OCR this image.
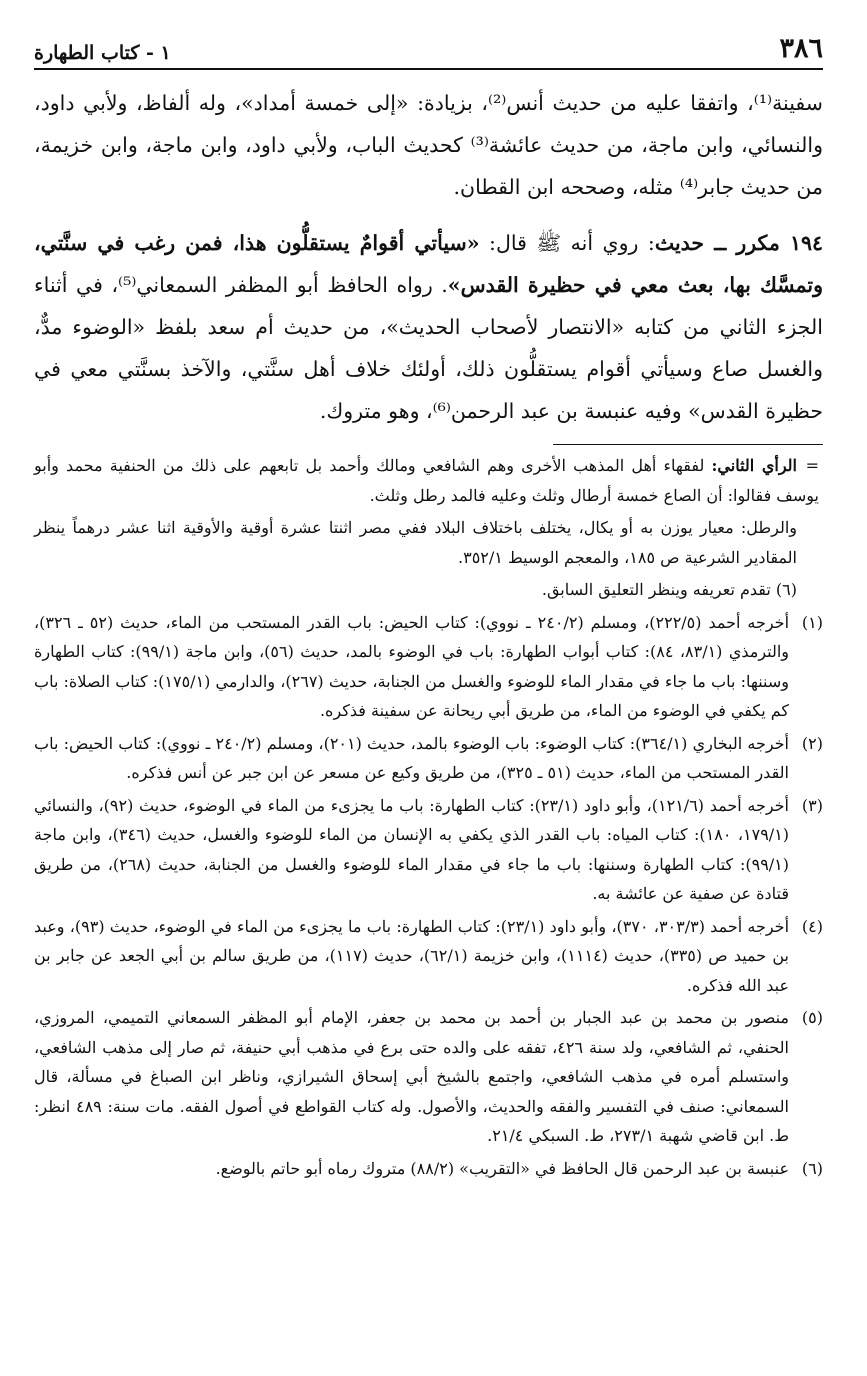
٣٨٦
١ - كتاب الطهارة

سفينة⁽¹⁾، واتفقا عليه من حديث أنس⁽²⁾، بزيادة: «إلى خمسة أمداد»، وله ألفاظ، ولأبي داود، والنسائي، وابن ماجة، من حديث عائشة⁽³⁾ كحديث الباب، ولأبي داود، وابن ماجة، وابن خزيمة، من حديث جابر⁽⁴⁾ مثله، وصححه ابن القطان.

١٩٤ مكرر ــ حديث: روي أنه ﷺ قال: «سيأتي أقوامٌ يستقلُّون هذا، فمن رغب في سنَّتي، وتمسَّك بها، بعث معي في حظيرة القدس». رواه الحافظ أبو المظفر السمعاني⁽⁵⁾، في أثناء الجزء الثاني من كتابه «الانتصار لأصحاب الحديث»، من حديث أم سعد بلفظ «الوضوء مدٌّ، والغسل صاع وسيأتي أقوام يستقلُّون ذلك، أولئك خلاف أهل سنَّتي، والآخذ بسنَّتي معي في حظيرة القدس» وفيه عنبسة بن عبد الرحمن⁽⁶⁾، وهو متروك.

=الرأي الثاني: لفقهاء أهل المذهب الأخرى وهم الشافعي ومالك وأحمد بل تابعهم على ذلك من الحنفية محمد وأبو يوسف فقالوا: أن الصاع خمسة أرطال وثلث وعليه فالمد رطل وثلث.

والرطل: معيار يوزن به أو يكال، يختلف باختلاف البلاد ففي مصر اثنتا عشرة أوقية والأوقية اثنا عشر درهماً ينظر المقادير الشرعية ص ١٨٥، والمعجم الوسيط ٣٥٢/١.

(٦) تقدم تعريفه وينظر التعليق السابق.

(١)
أخرجه أحمد (٢٢٢/٥)، ومسلم (٢٤٠/٢ ـ نووي): كتاب الحيض: باب القدر المستحب من الماء، حديث (٥٢ ـ ٣٢٦)، والترمذي (٨٣/١، ٨٤): كتاب أبواب الطهارة: باب في الوضوء بالمد، حديث (٥٦)، وابن ماجة (٩٩/١): كتاب الطهارة وسننها: باب ما جاء في مقدار الماء للوضوء والغسل من الجنابة، حديث (٢٦٧)، والدارمي (١٧٥/١): كتاب الصلاة: باب كم يكفي في الوضوء من الماء، من طريق أبي ريحانة عن سفينة فذكره.

(٢)
أخرجه البخاري (٣٦٤/١): كتاب الوضوء: باب الوضوء بالمد، حديث (٢٠١)، ومسلم (٢٤٠/٢ ـ نووي): كتاب الحيض: باب القدر المستحب من الماء، حديث (٥١ ـ ٣٢٥)، من طريق وكيع عن مسعر عن ابن جبر عن أنس فذكره.

(٣)
أخرجه أحمد (١٢١/٦)، وأبو داود (٢٣/١): كتاب الطهارة: باب ما يجزىء من الماء في الوضوء، حديث (٩٢)، والنسائي (١٧٩/١، ١٨٠): كتاب المياه: باب القدر الذي يكفي به الإنسان من الماء للوضوء والغسل، حديث (٣٤٦)، وابن ماجة (٩٩/١): كتاب الطهارة وسننها: باب ما جاء في مقدار الماء للوضوء والغسل من الجنابة، حديث (٢٦٨)، من طريق قتادة عن صفية عن عائشة به.

(٤)
أخرجه أحمد (٣٠٣/٣، ٣٧٠)، وأبو داود (٢٣/١): كتاب الطهارة: باب ما يجزىء من الماء في الوضوء، حديث (٩٣)، وعبد بن حميد ص (٣٣٥)، حديث (١١١٤)، وابن خزيمة (٦٢/١)، حديث (١١٧)، من طريق سالم بن أبي الجعد عن جابر بن عبد الله فذكره.

(٥)
منصور بن محمد بن عبد الجبار بن أحمد بن محمد بن جعفر، الإمام أبو المظفر السمعاني التميمي، المروزي، الحنفي، ثم الشافعي، ولد سنة ٤٢٦، تفقه على والده حتى برع في مذهب أبي حنيفة، ثم صار إلى مذهب الشافعي، واستسلم أمره في مذهب الشافعي، واجتمع بالشيخ أبي إسحاق الشيرازي، وناظر ابن الصباغ في مسألة، قال السمعاني: صنف في التفسير والفقه والحديث، والأصول. وله كتاب القواطع في أصول الفقه. مات سنة: ٤٨٩ انظر: ط. ابن قاضي شهبة ٢٧٣/١، ط. السبكي ٢١/٤.

(٦)
عنبسة بن عبد الرحمن قال الحافظ في «التقريب» (٨٨/٢) متروك رماه أبو حاتم بالوضع.
